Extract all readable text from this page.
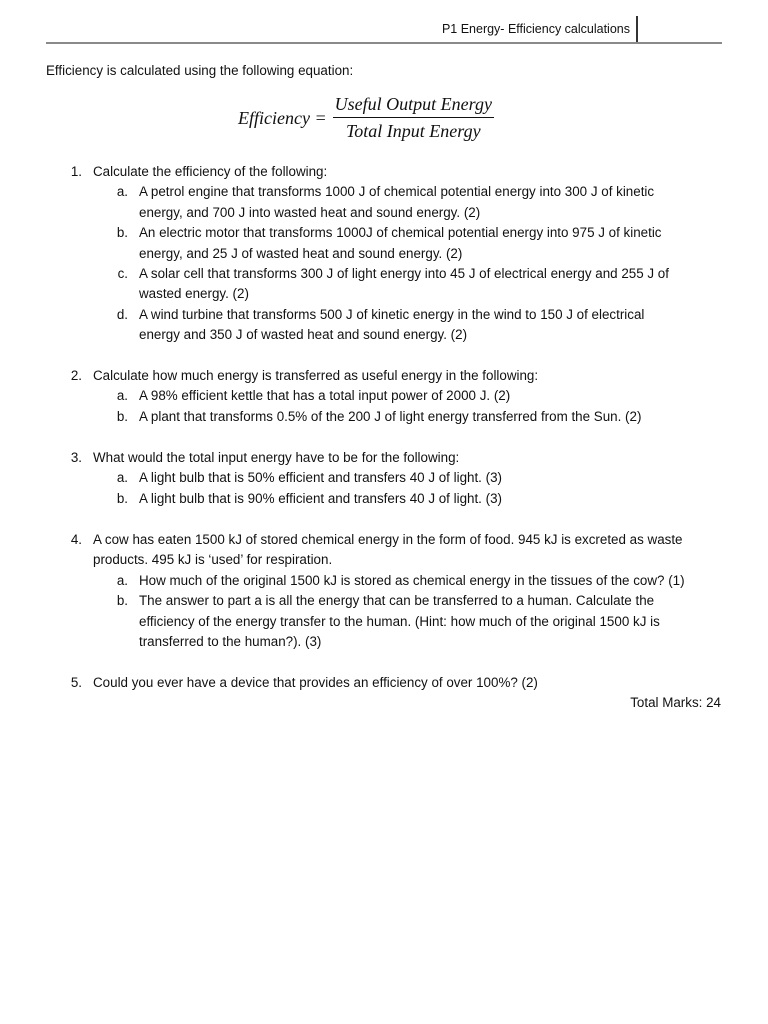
P1 Energy- Efficiency calculations
Efficiency is calculated using the following equation:
Efficiency = $\frac{\text{Useful Output Energy}}{\text{Total Input Energy}}$
1. Calculate the efficiency of the following:
a. A petrol engine that transforms 1000 J of chemical potential energy into 300 J of kinetic
energy, and 700 J into wasted heat and sound energy. (2)
b. An electric motor that transforms 1000J of chemical potential energy into 975 J of kinetic
energy, and 25 J of wasted heat and sound energy. (2)
c. A solar cell that transforms 300 J of light energy into 45 J of electrical energy and 255 J of
wasted energy. (2)
d. A wind turbine that transforms 500 J of kinetic energy in the wind to 150 J of electrical
energy and 350 J of wasted heat and sound energy. (2)
2. Calculate how much energy is transferred as useful energy in the following:
a. A 98% efficient kettle that has a total input power of 2000 J. (2)
b. A plant that transforms 0.5% of the 200 J of light energy transferred from the Sun. (2)
3. What would the total input energy have to be for the following:
a. A light bulb that is 50% efficient and transfers 40 J of light. (3)
b. A light bulb that is 90% efficient and transfers 40 J of light. (3)
4. A cow has eaten 1500 kJ of stored chemical energy in the form of food. 945 kJ is excreted as waste
products. 495 kJ is ‘used’ for respiration.
a. How much of the original 1500 kJ is stored as chemical energy in the tissues of the cow? (1)
b. The answer to part a is all the energy that can be transferred to a human. Calculate the
efficiency of the energy transfer to the human. (Hint: how much of the original 1500 kJ is
transferred to the human?). (3)
5. Could you ever have a device that provides an efficiency of over 100%? (2)
Total Marks: 24
